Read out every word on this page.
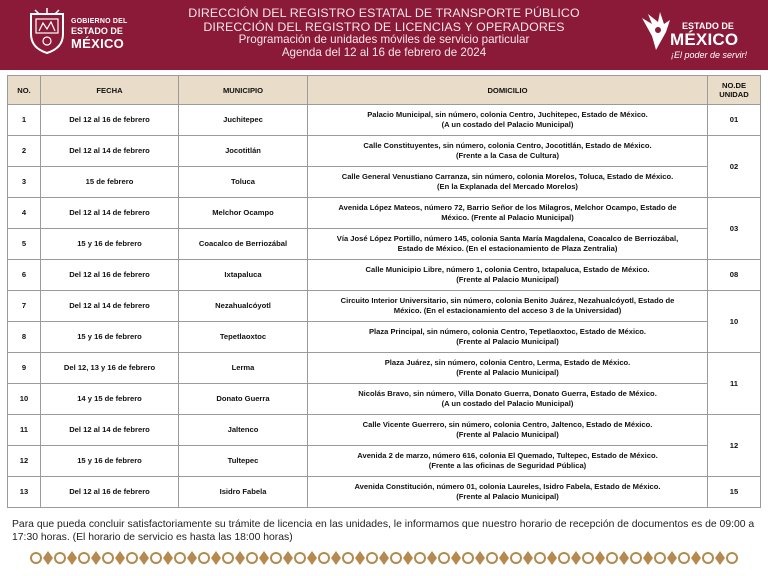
GOBIERNO DEL
ESTADO DE
MÉXICO
DIRECCIÓN DEL REGISTRO ESTATAL DE TRANSPORTE PÚBLICO
DIRECCIÓN DEL REGISTRO DE LICENCIAS Y OPERADORES
Programación de unidades móviles de servicio particular
Agenda del 12 al 16 de febrero de 2024
ESTADO DE
MÉXICO
¡El poder de servir!
NO.	FECHA	MUNICIPIO	DOMICILIO	NO.DE UNIDAD
1	Del 12 al 16 de febrero	Juchitepec	Palacio Municipal, sin número, colonia Centro, Juchitepec, Estado de México.
(A un costado del Palacio Municipal)	01
2	Del 12 al 14 de febrero	Jocotitlán	Calle Constituyentes, sin número, colonia Centro, Jocotitlán, Estado de México.
(Frente a la Casa de Cultura)	02
3	15 de febrero	Toluca	Calle General Venustiano Carranza, sin número, colonia Morelos, Toluca, Estado de México.
(En la Explanada del Mercado Morelos)	

4	Del 12 al 14 de febrero	Melchor Ocampo	Avenida López Mateos, número 72, Barrio Señor de los Milagros, Melchor Ocampo, Estado de
México. (Frente al Palacio Municipal)	03
5	15 y 16 de febrero	Coacalco de Berriozábal	Vía José López Portillo, número 145, colonia Santa María Magdalena, Coacalco de Berriozábal,
Estado de México. (En el estacionamiento de Plaza Zentralia)	

6	Del 12 al 16 de febrero	Ixtapaluca	Calle Municipio Libre, número 1, colonia Centro, Ixtapaluca, Estado de México.
(Frente al Palacio Municipal)	08
7	Del 12 al 14 de febrero	Nezahualcóyotl	Circuito Interior Universitario, sin número, colonia Benito Juárez, Nezahualcóyotl, Estado de
México. (En el estacionamiento del acceso 3 de la Universidad)	10
8	15 y 16 de febrero	Tepetlaoxtoc	Plaza Principal, sin número, colonia Centro, Tepetlaoxtoc, Estado de México.
(Frente al Palacio Municipal)	

9	Del 12, 13 y 16 de febrero	Lerma	Plaza Juárez, sin número, colonia Centro, Lerma, Estado de México.
(Frente al Palacio Municipal)	11
10	14 y 15 de febrero	Donato Guerra	Nicolás Bravo, sin número, Villa Donato Guerra, Donato Guerra, Estado de México.
(A un costado del Palacio Municipal)	

11	Del 12 al 14 de febrero	Jaltenco	Calle Vicente Guerrero, sin número, colonia Centro, Jaltenco, Estado de México.
(Frente al Palacio Municipal)	12
12	15 y 16 de febrero	Tultepec	Avenida 2 de marzo, número 616, colonia El Quemado, Tultepec, Estado de México.
(Frente a las oficinas de Seguridad Pública)	

13	Del 12 al 16 de febrero	Isidro Fabela	Avenida Constitución, número 01, colonia Laureles, Isidro Fabela, Estado de México.
(Frente al Palacio Municipal)	15
Para que pueda concluir satisfactoriamente su trámite de licencia en las unidades, le informamos que nuestro horario de recepción de documentos es de 09:00 a 17:30 horas. (El horario de servicio es hasta las 18:00 horas)
